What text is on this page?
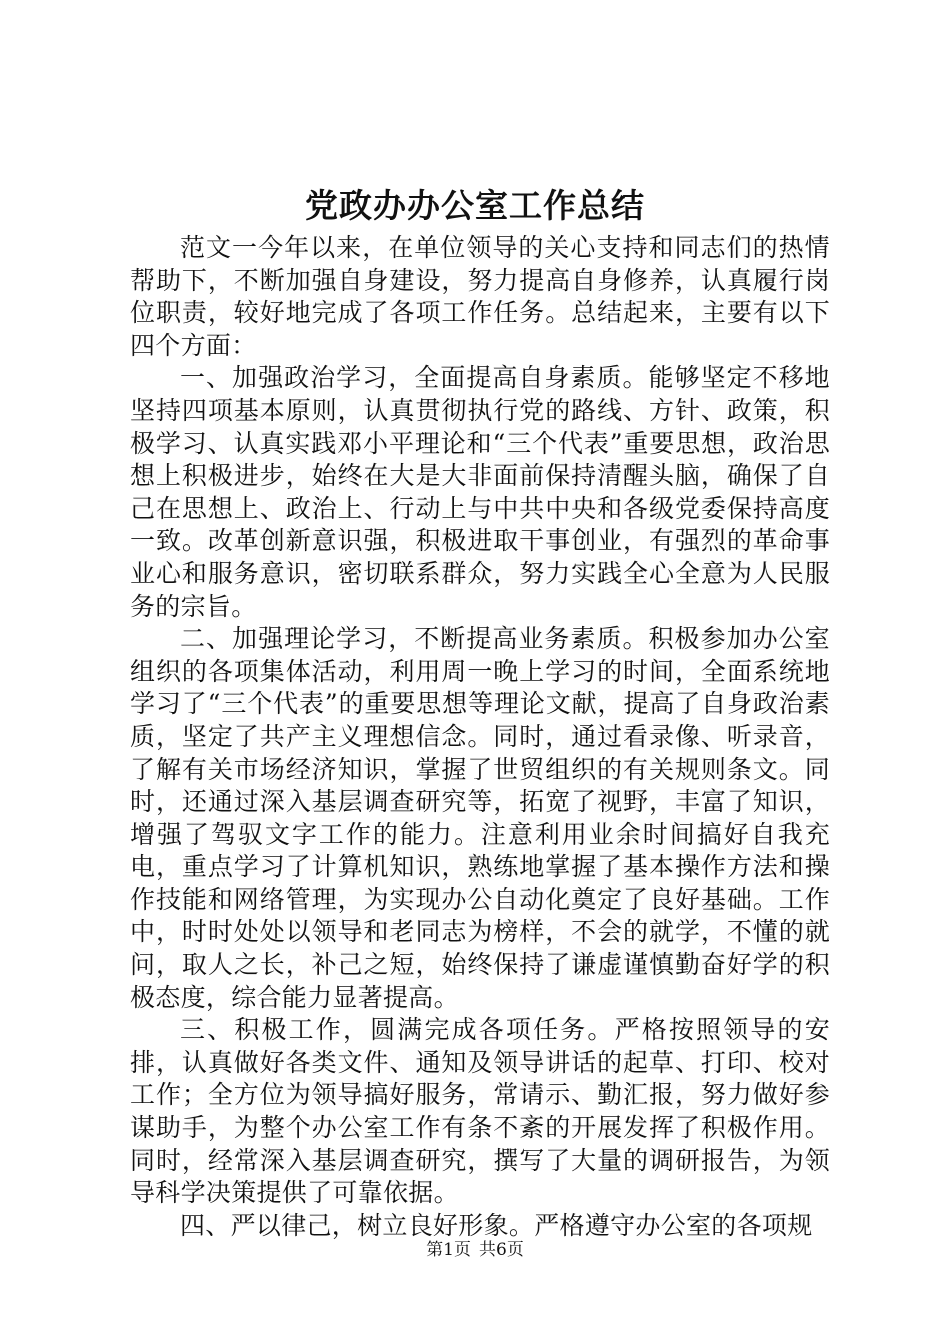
党政办办公室工作总结

范文一今年以来，在单位领导的关心支持和同志们的热情帮助下，不断加强自身建设，努力提高自身修养，认真履行岗位职责，较好地完成了各项工作任务。总结起来，主要有以下四个方面：

一、加强政治学习，全面提高自身素质。能够坚定不移地坚持四项基本原则，认真贯彻执行党的路线、方针、政策，积极学习、认真实践邓小平理论和“三个代表”重要思想，政治思想上积极进步，始终在大是大非面前保持清醒头脑，确保了自己在思想上、政治上、行动上与中共中央和各级党委保持高度一致。改革创新意识强，积极进取干事创业，有强烈的革命事业心和服务意识，密切联系群众，努力实践全心全意为人民服务的宗旨。

二、加强理论学习，不断提高业务素质。积极参加办公室组织的各项集体活动，利用周一晚上学习的时间，全面系统地学习了“三个代表”的重要思想等理论文献，提高了自身政治素质，坚定了共产主义理想信念。同时，通过看录像、听录音，了解有关市场经济知识，掌握了世贸组织的有关规则条文。同时，还通过深入基层调查研究等，拓宽了视野，丰富了知识，增强了驾驭文字工作的能力。注意利用业余时间搞好自我充电，重点学习了计算机知识，熟练地掌握了基本操作方法和操作技能和网络管理，为实现办公自动化奠定了良好基础。工作中，时时处处以领导和老同志为榜样，不会的就学，不懂的就问，取人之长，补己之短，始终保持了谦虚谨慎勤奋好学的积极态度，综合能力显著提高。

三、积极工作，圆满完成各项任务。严格按照领导的安排，认真做好各类文件、通知及领导讲话的起草、打印、校对工作；全方位为领导搞好服务，常请示、勤汇报，努力做好参谋助手，为整个办公室工作有条不紊的开展发挥了积极作用。同时，经常深入基层调查研究，撰写了大量的调研报告，为领导科学决策提供了可靠依据。

四、严以律己，树立良好形象。严格遵守办公室的各项规

第1页 共6页
